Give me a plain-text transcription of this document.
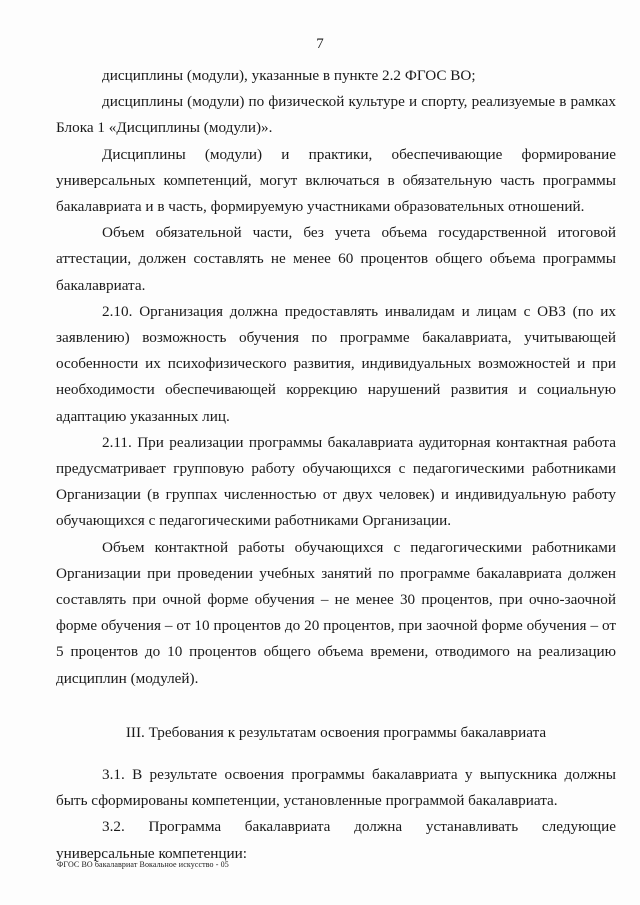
7

дисциплины (модули), указанные в пункте 2.2 ФГОС ВО;

дисциплины (модули) по физической культуре и спорту, реализуемые в рамках Блока 1 «Дисциплины (модули)».

Дисциплины (модули) и практики, обеспечивающие формирование универсальных компетенций, могут включаться в обязательную часть программы бакалавриата и в часть, формируемую участниками образовательных отношений.

Объем обязательной части, без учета объема государственной итоговой аттестации, должен составлять не менее 60 процентов общего объема программы бакалавриата.

2.10. Организация должна предоставлять инвалидам и лицам с ОВЗ (по их заявлению) возможность обучения по программе бакалавриата, учитывающей особенности их психофизического развития, индивидуальных возможностей и при необходимости обеспечивающей коррекцию нарушений развития и социальную адаптацию указанных лиц.

2.11. При реализации программы бакалавриата аудиторная контактная работа предусматривает групповую работу обучающихся с педагогическими работниками Организации (в группах численностью от двух человек) и индивидуальную работу обучающихся с педагогическими работниками Организации.

Объем контактной работы обучающихся с педагогическими работниками Организации при проведении учебных занятий по программе бакалавриата должен составлять при очной форме обучения – не менее 30 процентов, при очно-заочной форме обучения – от 10 процентов до 20 процентов, при заочной форме обучения – от 5 процентов до 10 процентов общего объема времени, отводимого на реализацию дисциплин (модулей).

III. Требования к результатам освоения программы бакалавриата

3.1. В результате освоения программы бакалавриата у выпускника должны быть сформированы компетенции, установленные программой бакалавриата.

3.2. Программа бакалавриата должна устанавливать следующие универсальные компетенции:

ФГОС ВО бакалавриат Вокальное искусство - 05
